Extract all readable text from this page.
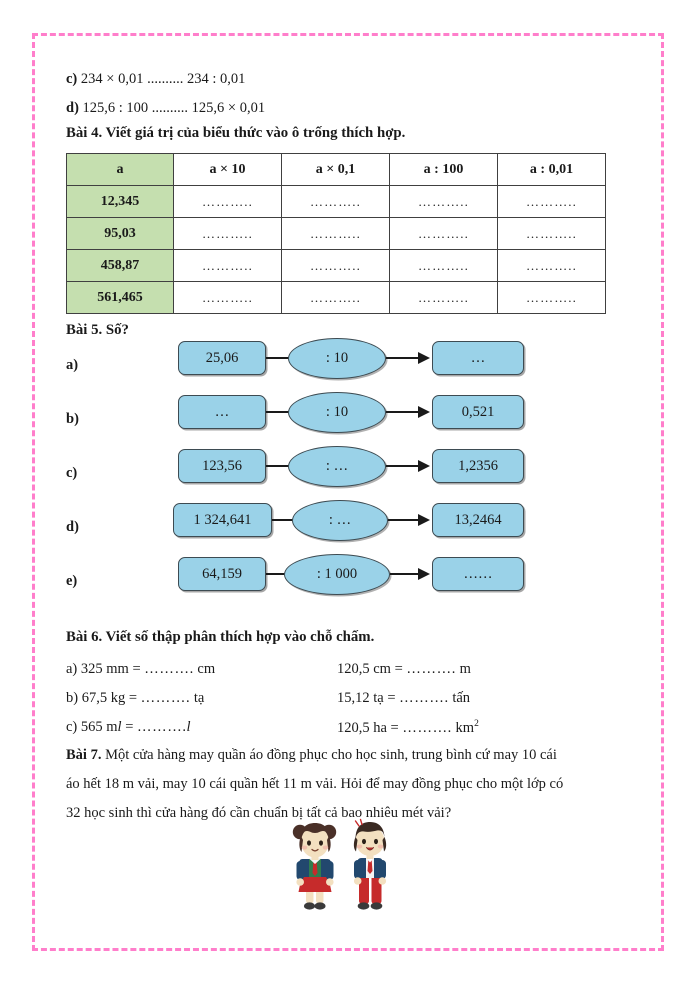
c) 234 × 0,01 .......... 234 : 0,01
d) 125,6 : 100 .......... 125,6 × 0,01
Bài 4. Viết giá trị của biểu thức vào ô trống thích hợp.
a	a × 10	a × 0,1	a : 100	a : 0,01
12,345	………..	………..	………..	………..
95,03	………..	………..	………..	………..
458,87	………..	………..	………..	………..
561,465	………..	………..	………..	………..
Bài 5. Số?
a)	25,06	: 10	…
b)	…	: 10	0,521
c)	123,56	: …	1,2356
d)	1 324,641	: …	13,2464
e)	64,159	: 1 000	……
Bài 6. Viết số thập phân thích hợp vào chỗ chấm.
a) 325 mm = ………. cm	120,5 cm = ………. m
b) 67,5 kg = ………. tạ	15,12 tạ = ………. tấn
c) 565 ml = ……….l	120,5 ha = ………. $km^2$
Bài 7. Một cửa hàng may quần áo đồng phục cho học sinh, trung bình cứ may 10 cái
áo hết 18 m vải, may 10 cái quần hết 11 m vải. Hỏi để may đồng phục cho một lớp có
32 học sinh thì cửa hàng đó cần chuẩn bị tất cả bao nhiêu mét vải?
